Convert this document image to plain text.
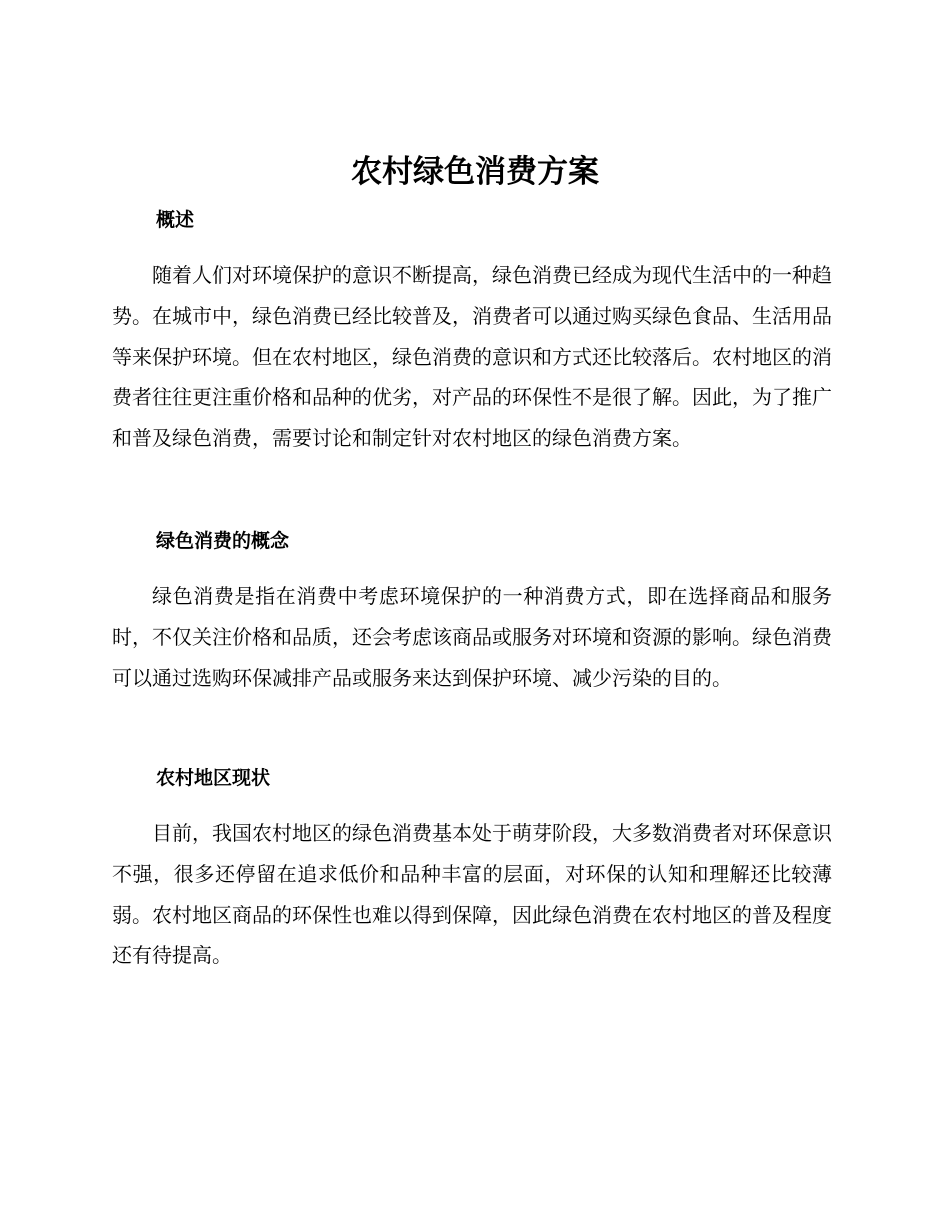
农村绿色消费方案
概述

随着人们对环境保护的意识不断提高，绿色消费已经成为现代生活中的一种趋势。在城市中，绿色消费已经比较普及，消费者可以通过购买绿色食品、生活用品等来保护环境。但在农村地区，绿色消费的意识和方式还比较落后。农村地区的消费者往往更注重价格和品种的优劣，对产品的环保性不是很了解。因此，为了推广和普及绿色消费，需要讨论和制定针对农村地区的绿色消费方案。

绿色消费的概念

绿色消费是指在消费中考虑环境保护的一种消费方式，即在选择商品和服务时，不仅关注价格和品质，还会考虑该商品或服务对环境和资源的影响。绿色消费可以通过选购环保减排产品或服务来达到保护环境、减少污染的目的。

农村地区现状

目前，我国农村地区的绿色消费基本处于萌芽阶段，大多数消费者对环保意识不强，很多还停留在追求低价和品种丰富的层面，对环保的认知和理解还比较薄弱。农村地区商品的环保性也难以得到保障，因此绿色消费在农村地区的普及程度还有待提高。
